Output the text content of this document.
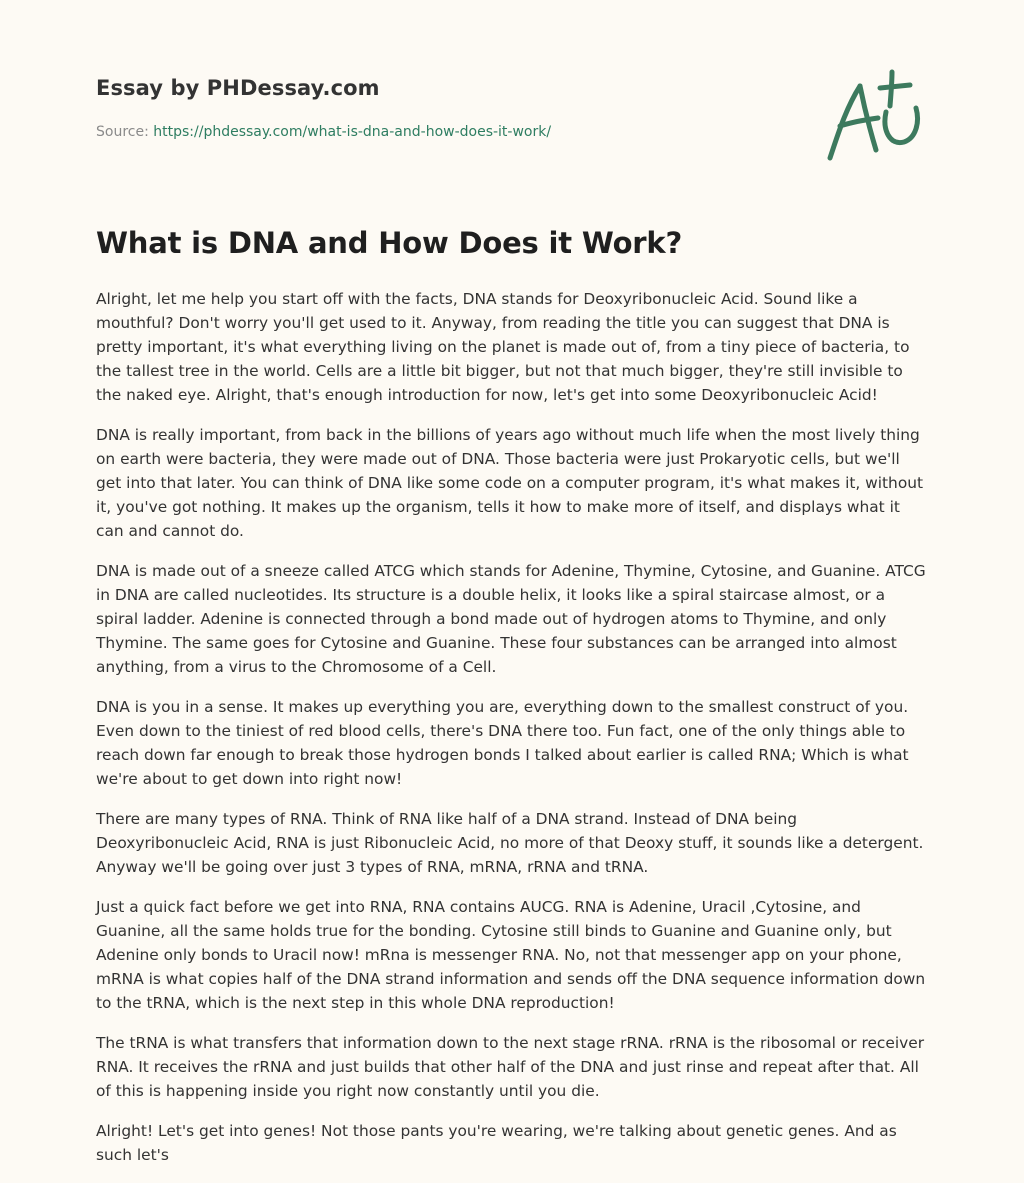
Essay by PHDessay.com
Source: https://phdessay.com/what-is-dna-and-how-does-it-work/
What is DNA and How Does it Work?

Alright, let me help you start off with the facts, DNA stands for Deoxyribonucleic Acid. Sound like a mouthful? Don't worry you'll get used to it. Anyway, from reading the title you can suggest that DNA is pretty important, it's what everything living on the planet is made out of, from a tiny piece of bacteria, to the tallest tree in the world. Cells are a little bit bigger, but not that much bigger, they're still invisible to the naked eye. Alright, that's enough introduction for now, let's get into some Deoxyribonucleic Acid!

DNA is really important, from back in the billions of years ago without much life when the most lively thing on earth were bacteria, they were made out of DNA. Those bacteria were just Prokaryotic cells, but we'll get into that later. You can think of DNA like some code on a computer program, it's what makes it, without it, you've got nothing. It makes up the organism, tells it how to make more of itself, and displays what it can and cannot do.

DNA is made out of a sneeze called ATCG which stands for Adenine, Thymine, Cytosine, and Guanine. ATCG in DNA are called nucleotides. Its structure is a double helix, it looks like a spiral staircase almost, or a spiral ladder. Adenine is connected through a bond made out of hydrogen atoms to Thymine, and only Thymine. The same goes for Cytosine and Guanine. These four substances can be arranged into almost anything, from a virus to the Chromosome of a Cell.

DNA is you in a sense. It makes up everything you are, everything down to the smallest construct of you. Even down to the tiniest of red blood cells, there's DNA there too. Fun fact, one of the only things able to reach down far enough to break those hydrogen bonds I talked about earlier is called RNA; Which is what we're about to get down into right now!

There are many types of RNA. Think of RNA like half of a DNA strand. Instead of DNA being Deoxyribonucleic Acid, RNA is just Ribonucleic Acid, no more of that Deoxy stuff, it sounds like a detergent. Anyway we'll be going over just 3 types of RNA, mRNA, rRNA and tRNA.

Just a quick fact before we get into RNA, RNA contains AUCG. RNA is Adenine, Uracil ,Cytosine, and Guanine, all the same holds true for the bonding. Cytosine still binds to Guanine and Guanine only, but Adenine only bonds to Uracil now! mRna is messenger RNA. No, not that messenger app on your phone, mRNA is what copies half of the DNA strand information and sends off the DNA sequence information down to the tRNA, which is the next step in this whole DNA reproduction!

The tRNA is what transfers that information down to the next stage rRNA. rRNA is the ribosomal or receiver RNA. It receives the rRNA and just builds that other half of the DNA and just rinse and repeat after that. All of this is happening inside you right now constantly until you die.

Alright! Let's get into genes! Not those pants you're wearing, we're talking about genetic genes. And as such let's
